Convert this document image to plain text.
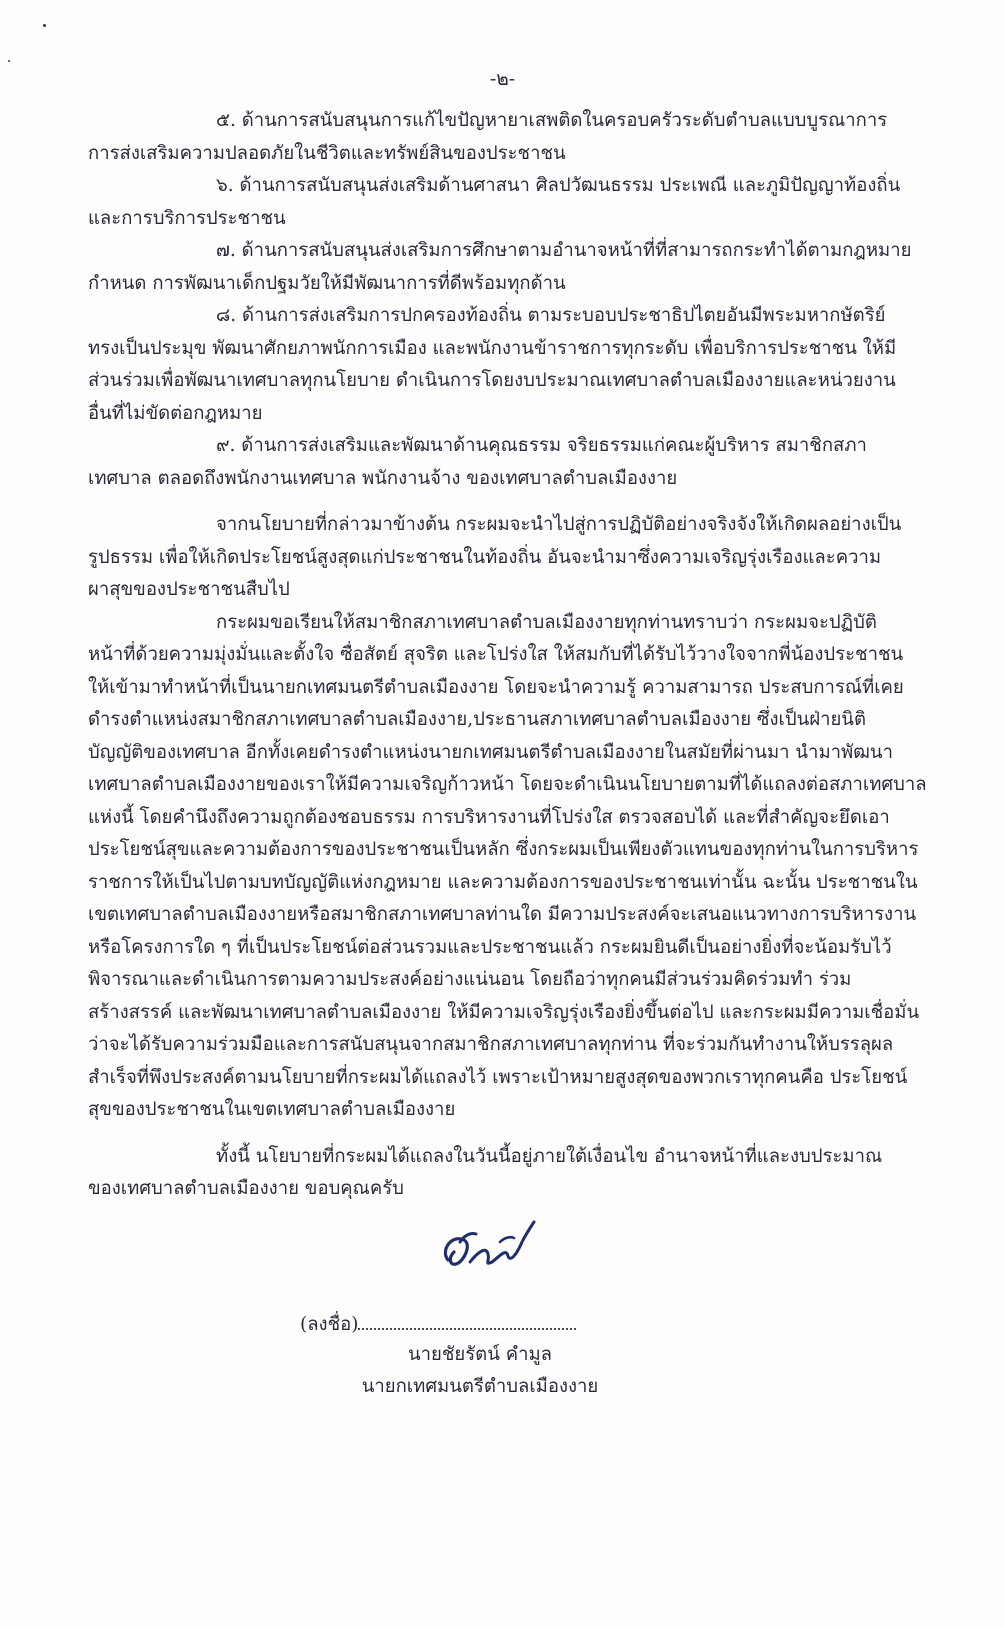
-๒-
๕. ด้านการสนับสนุนการแก้ไขปัญหายาเสพติดในครอบครัวระดับตำบลแบบบูรณาการ
การส่งเสริมความปลอดภัยในชีวิตและทรัพย์สินของประชาชน
๖. ด้านการสนับสนุนส่งเสริมด้านศาสนา ศิลปวัฒนธรรม ประเพณี และภูมิปัญญาท้องถิ่น
และการบริการประชาชน
๗. ด้านการสนับสนุนส่งเสริมการศึกษาตามอำนาจหน้าที่ที่สามารถกระทำได้ตามกฎหมาย
กำหนด การพัฒนาเด็กปฐมวัยให้มีพัฒนาการที่ดีพร้อมทุกด้าน
๘. ด้านการส่งเสริมการปกครองท้องถิ่น ตามระบอบประชาธิปไตยอันมีพระมหากษัตริย์
ทรงเป็นประมุข พัฒนาศักยภาพนักการเมือง และพนักงานข้าราชการทุกระดับ เพื่อบริการประชาชน ให้มี
ส่วนร่วมเพื่อพัฒนาเทศบาลทุกนโยบาย ดำเนินการโดยงบประมาณเทศบาลตำบลเมืองงายและหน่วยงาน
อื่นที่ไม่ขัดต่อกฎหมาย
๙. ด้านการส่งเสริมและพัฒนาด้านคุณธรรม จริยธรรมแก่คณะผู้บริหาร สมาชิกสภา
เทศบาล ตลอดถึงพนักงานเทศบาล พนักงานจ้าง ของเทศบาลตำบลเมืองงาย
จากนโยบายที่กล่าวมาข้างต้น กระผมจะนำไปสู่การปฏิบัติอย่างจริงจังให้เกิดผลอย่างเป็น
รูปธรรม เพื่อให้เกิดประโยชน์สูงสุดแก่ประชาชนในท้องถิ่น อันจะนำมาซึ่งความเจริญรุ่งเรืองและความ
ผาสุขของประชาชนสืบไป
กระผมขอเรียนให้สมาชิกสภาเทศบาลตำบลเมืองงายทุกท่านทราบว่า กระผมจะปฏิบัติ
หน้าที่ด้วยความมุ่งมั่นและตั้งใจ ซื่อสัตย์ สุจริต และโปร่งใส ให้สมกับที่ได้รับไว้วางใจจากพี่น้องประชาชน
ให้เข้ามาทำหน้าที่เป็นนายกเทศมนตรีตำบลเมืองงาย โดยจะนำความรู้ ความสามารถ ประสบการณ์ที่เคย
ดำรงตำแหน่งสมาชิกสภาเทศบาลตำบลเมืองงาย,ประธานสภาเทศบาลตำบลเมืองงาย ซึ่งเป็นฝ่ายนิติ
บัญญัติของเทศบาล อีกทั้งเคยดำรงตำแหน่งนายกเทศมนตรีตำบลเมืองงายในสมัยที่ผ่านมา นำมาพัฒนา
เทศบาลตำบลเมืองงายของเราให้มีความเจริญก้าวหน้า โดยจะดำเนินนโยบายตามที่ได้แถลงต่อสภาเทศบาล
แห่งนี้ โดยคำนึงถึงความถูกต้องชอบธรรม การบริหารงานที่โปร่งใส ตรวจสอบได้ และที่สำคัญจะยึดเอา
ประโยชน์สุขและความต้องการของประชาชนเป็นหลัก ซึ่งกระผมเป็นเพียงตัวแทนของทุกท่านในการบริหาร
ราชการให้เป็นไปตามบทบัญญัติแห่งกฎหมาย และความต้องการของประชาชนเท่านั้น ฉะนั้น ประชาชนใน
เขตเทศบาลตำบลเมืองงายหรือสมาชิกสภาเทศบาลท่านใด มีความประสงค์จะเสนอแนวทางการบริหารงาน
หรือโครงการใด ๆ ที่เป็นประโยชน์ต่อส่วนรวมและประชาชนแล้ว กระผมยินดีเป็นอย่างยิ่งที่จะน้อมรับไว้
พิจารณาและดำเนินการตามความประสงค์อย่างแน่นอน โดยถือว่าทุกคนมีส่วนร่วมคิดร่วมทำ ร่วม
สร้างสรรค์ และพัฒนาเทศบาลตำบลเมืองงาย ให้มีความเจริญรุ่งเรืองยิ่งขึ้นต่อไป และกระผมมีความเชื่อมั่น
ว่าจะได้รับความร่วมมือและการสนับสนุนจากสมาชิกสภาเทศบาลทุกท่าน ที่จะร่วมกันทำงานให้บรรลุผล
สำเร็จที่พึงประสงค์ตามนโยบายที่กระผมได้แถลงไว้ เพราะเป้าหมายสูงสุดของพวกเราทุกคนคือ ประโยชน์
สุขของประชาชนในเขตเทศบาลตำบลเมืองงาย
ทั้งนี้ นโยบายที่กระผมได้แถลงในวันนี้อยู่ภายใต้เงื่อนไข อำนาจหน้าที่และงบประมาณ
ของเทศบาลตำบลเมืองงาย ขอบคุณครับ
(ลงชื่อ)
นายชัยรัตน์ คำมูล
นายกเทศมนตรีตำบลเมืองงาย
